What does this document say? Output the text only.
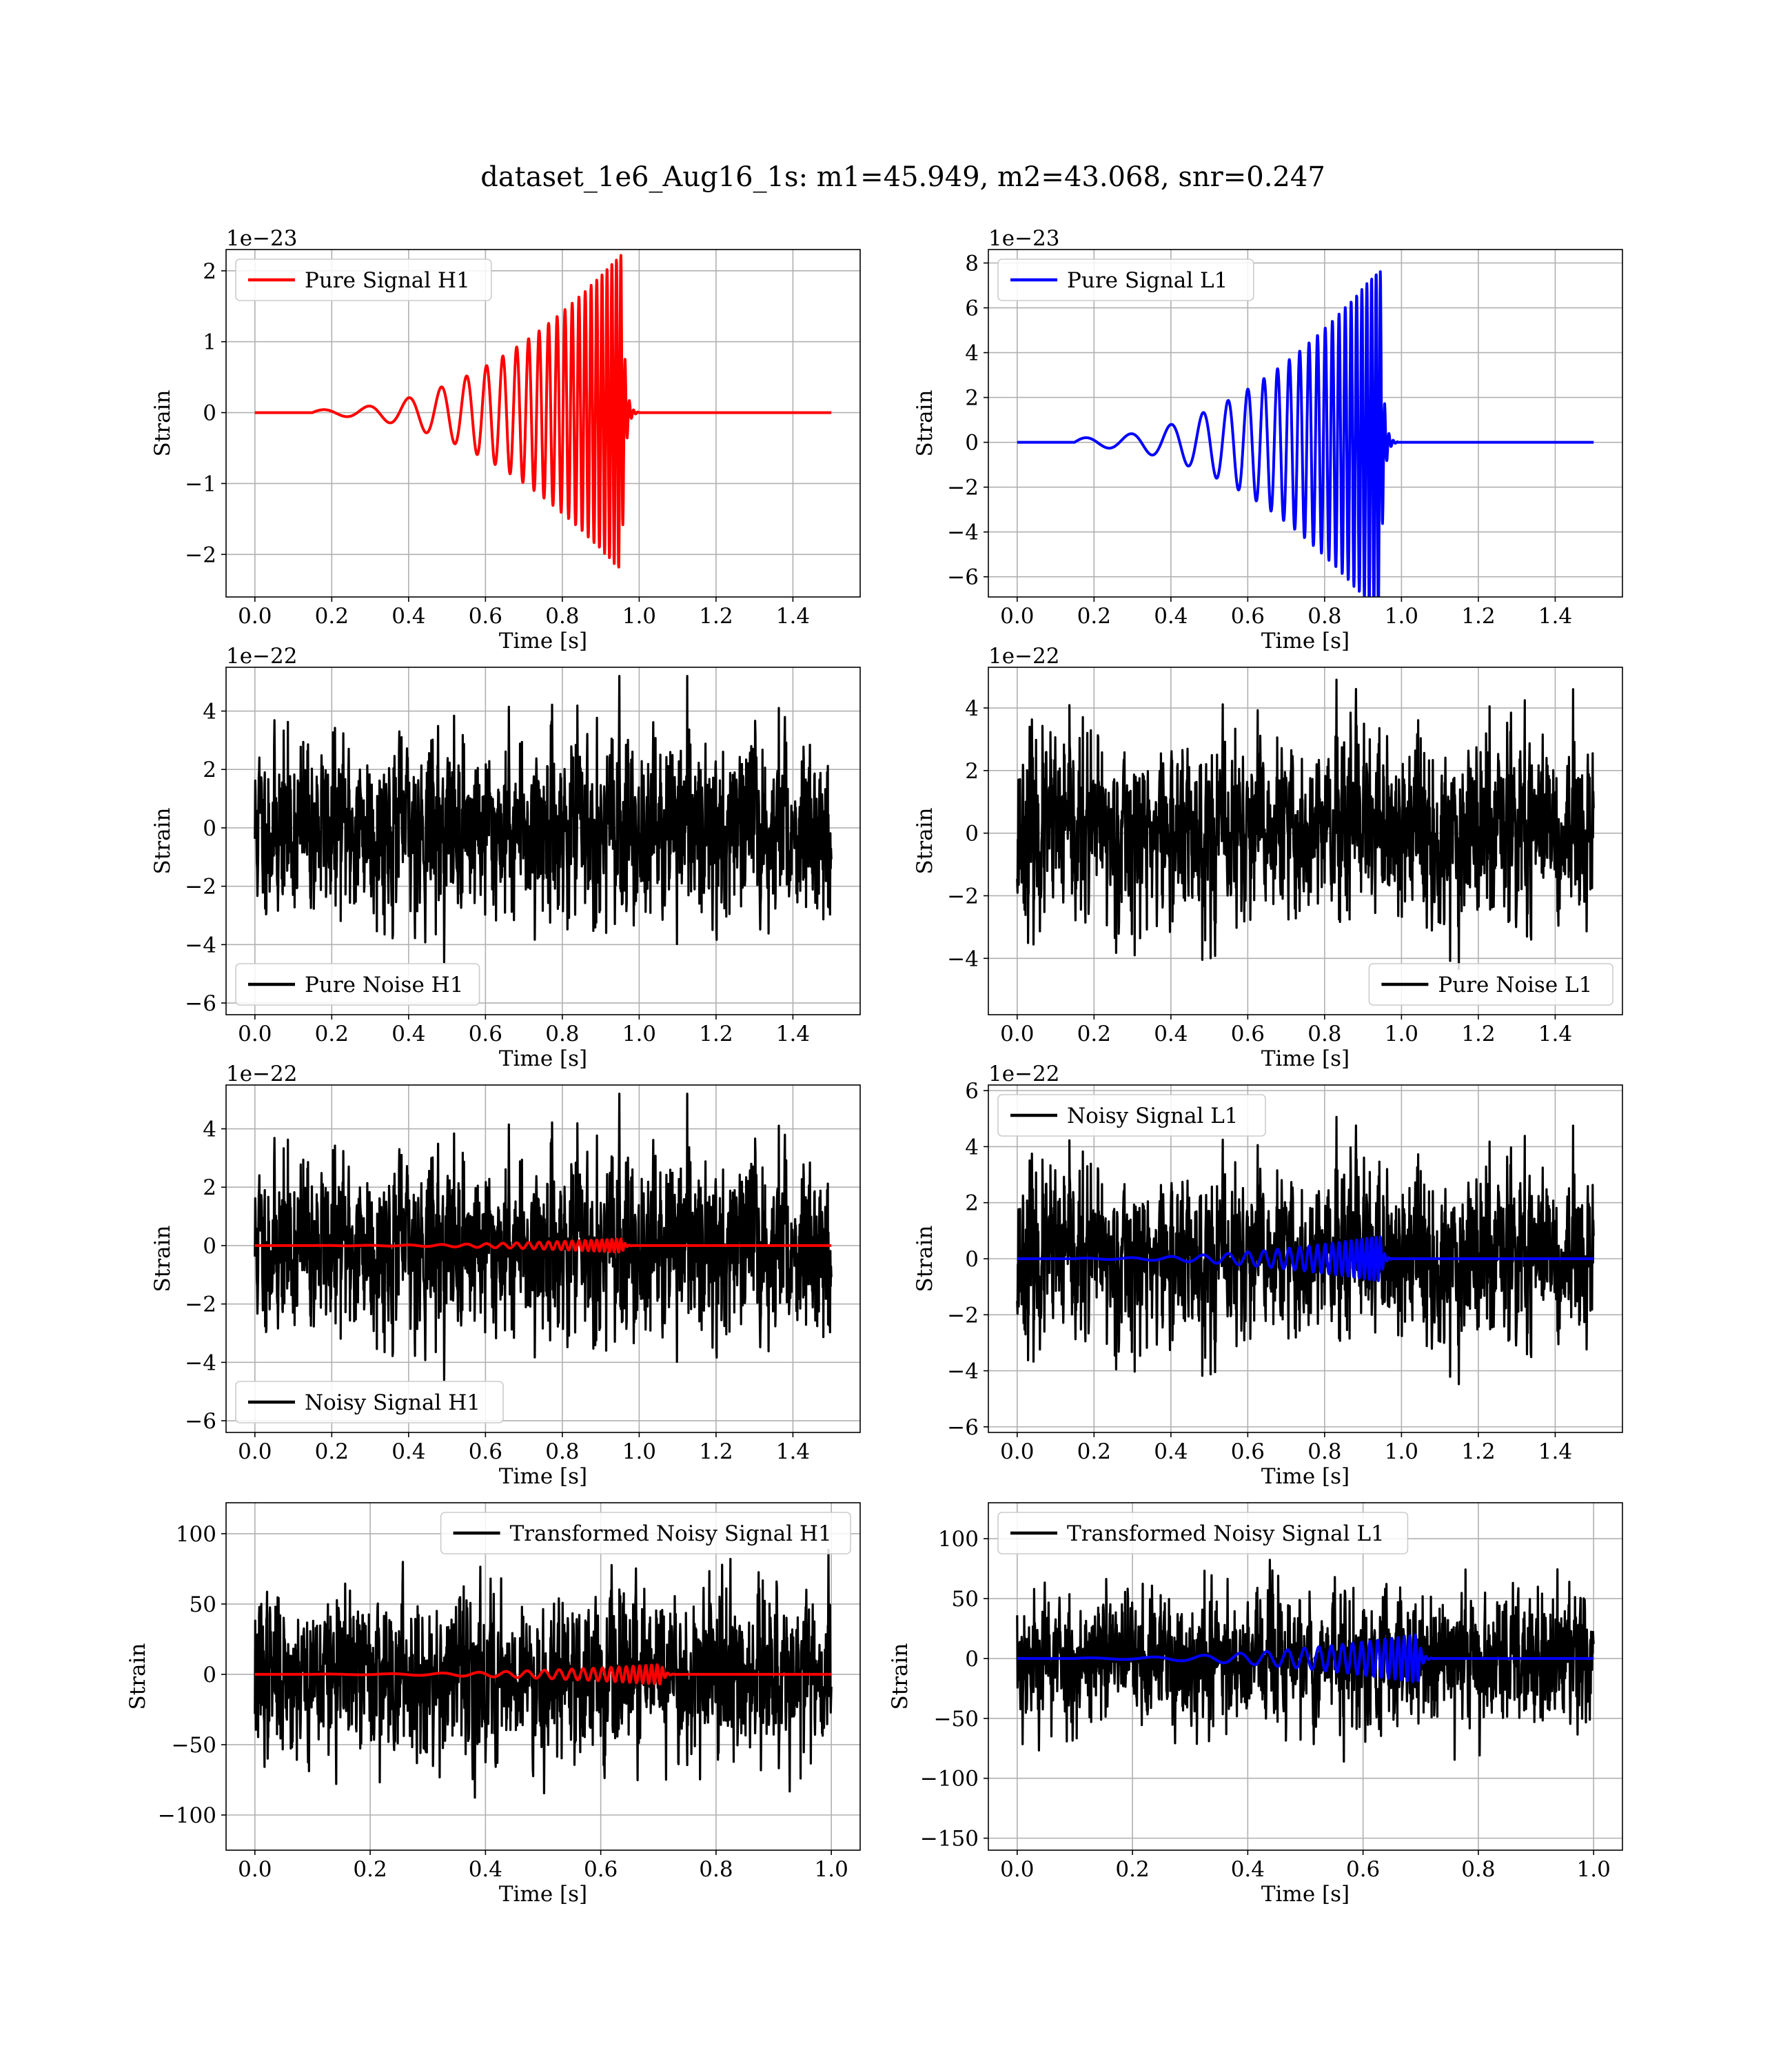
dataset_1e6_Aug16_1s: m1=45.949, m2=43.068, snr=0.247
0.0 0.2 0.4 0.6 0.8 1.0 1.2 1.4
−2
−1
0
1
2
Time [s]
Strain
1e−23
Pure Signal H1
0.0 0.2 0.4 0.6 0.8 1.0 1.2 1.4
−6
−4
−2
0
2
4
6
8
Time [s]
Strain
1e−23
Pure Signal L1
0.0 0.2 0.4 0.6 0.8 1.0 1.2 1.4
−6
−4
−2
0
2
4
Time [s]
Strain
1e−22
Pure Noise H1
0.0 0.2 0.4 0.6 0.8 1.0 1.2 1.4
−4
−2
0
2
4
Time [s]
Strain
1e−22
Pure Noise L1
0.0 0.2 0.4 0.6 0.8 1.0 1.2 1.4
−6
−4
−2
0
2
4
Time [s]
Strain
1e−22
Noisy Signal H1
0.0 0.2 0.4 0.6 0.8 1.0 1.2 1.4
−6
−4
−2
0
2
4
6
Time [s]
Strain
1e−22
Noisy Signal L1
0.0	0.2	0.4	0.6	0.8	1.0
−100
−50
0
50
100
Time [s]
Strain
Transformed Noisy Signal H1
0.0	0.2	0.4	0.6	0.8	1.0
−150
−100
−50
0
50
100
Time [s]
Strain
Transformed Noisy Signal L1
